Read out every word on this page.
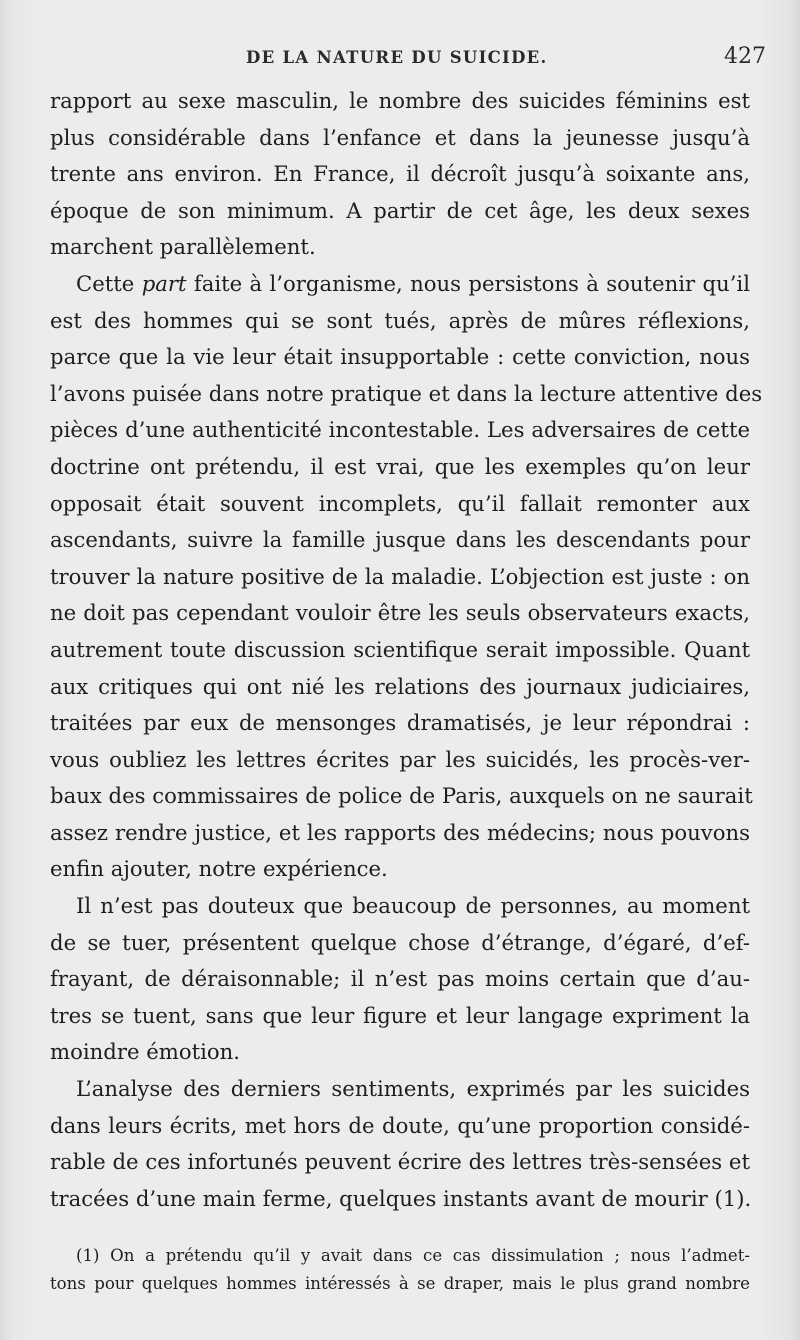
DE LA NATURE DU SUICIDE.	427
rapport au sexe masculin, le nombre des suicides féminins est
plus considérable dans l’enfance et dans la jeunesse jusqu’à
trente ans environ. En France, il décroît jusqu’à soixante ans,
époque de son minimum. A partir de cet âge, les deux sexes
marchent parallèlement.
Cette part faite à l’organisme, nous persistons à soutenir qu’il
est des hommes qui se sont tués, après de mûres réflexions,
parce que la vie leur était insupportable : cette conviction, nous
l’avons puisée dans notre pratique et dans la lecture attentive des
pièces d’une authenticité incontestable. Les adversaires de cette
doctrine ont prétendu, il est vrai, que les exemples qu’on leur
opposait était souvent incomplets, qu’il fallait remonter aux
ascendants, suivre la famille jusque dans les descendants pour
trouver la nature positive de la maladie. L’objection est juste : on
ne doit pas cependant vouloir être les seuls observateurs exacts,
autrement toute discussion scientifique serait impossible. Quant
aux critiques qui ont nié les relations des journaux judiciaires,
traitées par eux de mensonges dramatisés, je leur répondrai :
vous oubliez les lettres écrites par les suicidés, les procès-ver-
baux des commissaires de police de Paris, auxquels on ne saurait
assez rendre justice, et les rapports des médecins; nous pouvons
enfin ajouter, notre expérience.
Il n’est pas douteux que beaucoup de personnes, au moment
de se tuer, présentent quelque chose d’étrange, d’égaré, d’ef-
frayant, de déraisonnable; il n’est pas moins certain que d’au-
tres se tuent, sans que leur figure et leur langage expriment la
moindre émotion.
L’analyse des derniers sentiments, exprimés par les suicides
dans leurs écrits, met hors de doute, qu’une proportion considé-
rable de ces infortunés peuvent écrire des lettres très-sensées et
tracées d’une main ferme, quelques instants avant de mourir (1).
(1) On a prétendu qu’il y avait dans ce cas dissimulation ; nous l’admet-
tons pour quelques hommes intéressés à se draper, mais le plus grand nombre
